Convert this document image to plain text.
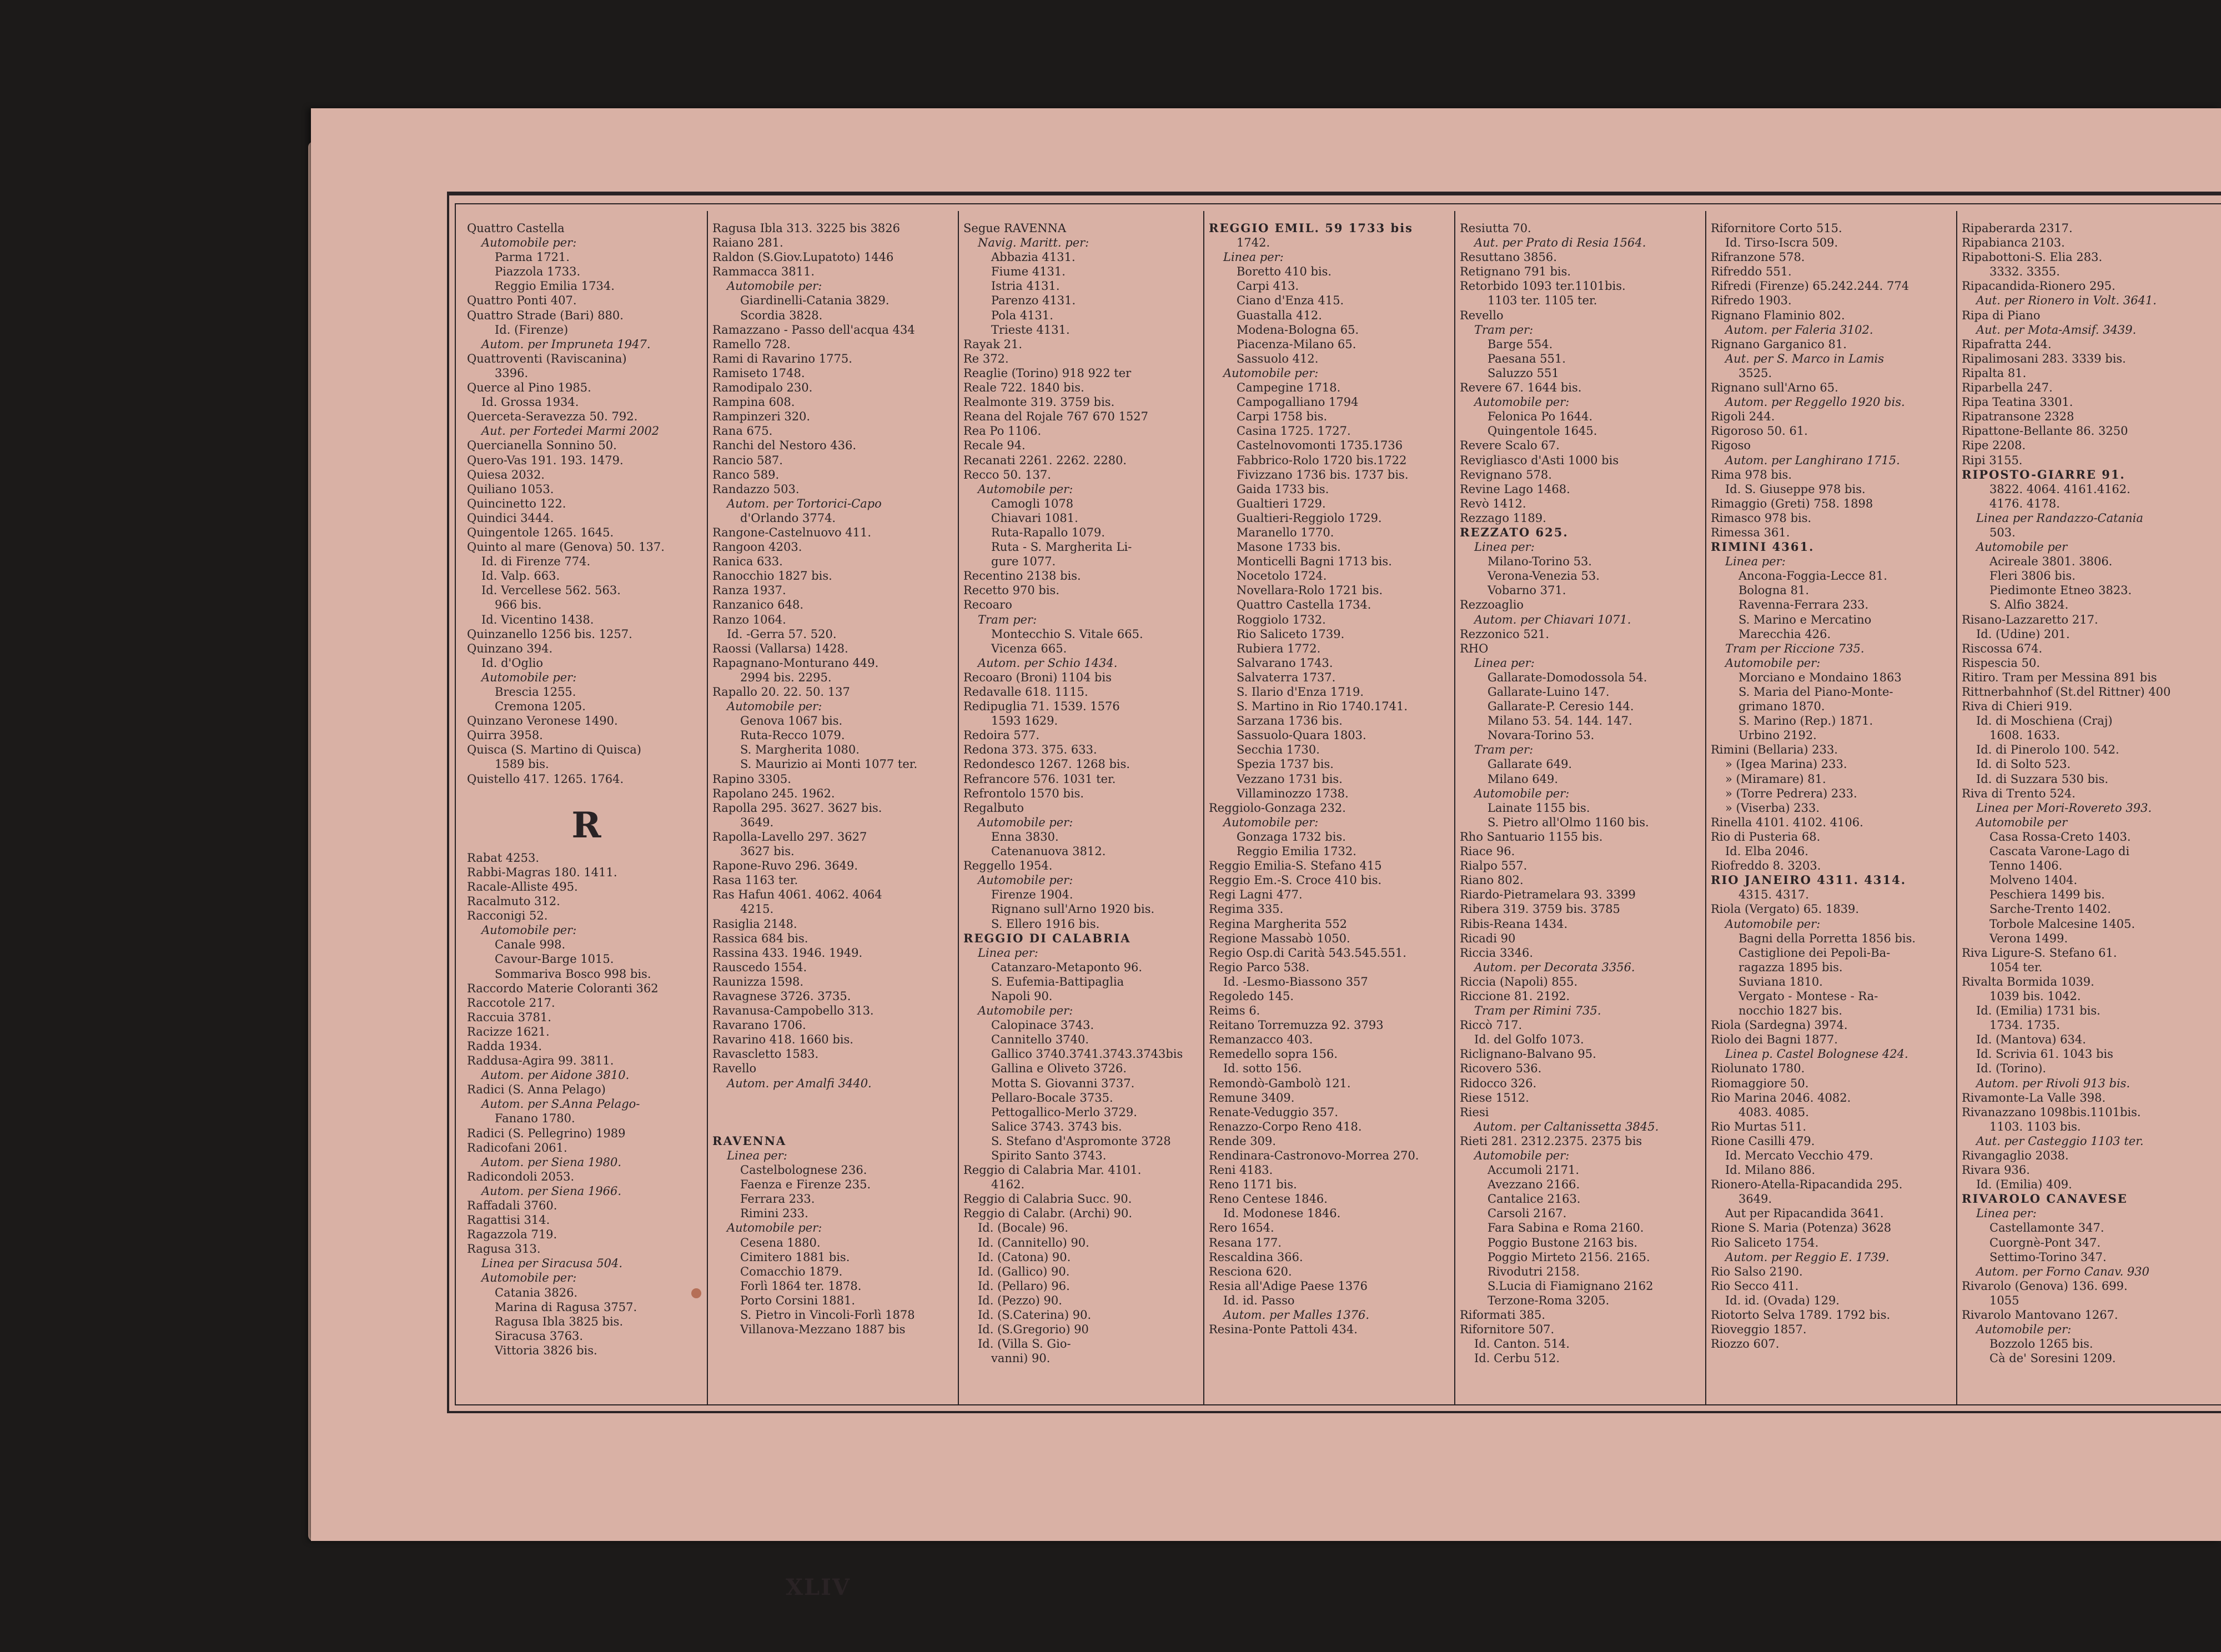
Quattro Castella
Automobile per:
Parma 1721.
Piazzola 1733.
Reggio Emilia 1734.
Quattro Ponti 407.
Quattro Strade (Bari) 880.
Id. (Firenze)
Autom. per Impruneta 1947.
Quattroventi (Raviscanina)
3396.
Querce al Pino 1985.
Id. Grossa 1934.
Querceta-Seravezza 50. 792.
Aut. per Fortedei Marmi 2002
Quercianella Sonnino 50.
Quero-Vas 191. 193. 1479.
Quiesa 2032.
Quiliano 1053.
Quincinetto 122.
Quindici 3444.
Quingentole 1265. 1645.
Quinto al mare (Genova) 50. 137.
Id. di Firenze 774.
Id. Valp. 663.
Id. Vercellese 562. 563.
966 bis.
Id. Vicentino 1438.
Quinzanello 1256 bis. 1257.
Quinzano 394.
Id. d'Oglio
Automobile per:
Brescia 1255.
Cremona 1205.
Quinzano Veronese 1490.
Quirra 3958.
Quisca (S. Martino di Quisca)
1589 bis.
Quistello 417. 1265. 1764.

R
Rabat 4253.
Rabbi-Magras 180. 1411.
Racale-Alliste 495.
Racalmuto 312.
Racconigi 52.
Automobile per:
Canale 998.
Cavour-Barge 1015.
Sommariva Bosco 998 bis.
Raccordo Materie Coloranti 362
Raccotole 217.
Raccuia 3781.
Racizze 1621.
Radda 1934.
Raddusa-Agira 99. 3811.
Autom. per Aidone 3810.
Radici (S. Anna Pelago)
Autom. per S.Anna Pelago-
Fanano 1780.
Radici (S. Pellegrino) 1989
Radicofani 2061.
Autom. per Siena 1980.
Radicondoli 2053.
Autom. per Siena 1966.
Raffadali 3760.
Ragattisi 314.
Ragazzola 719.
Ragusa 313.
Linea per Siracusa 504.
Automobile per:
Catania 3826.
Marina di Ragusa 3757.
Ragusa Ibla 3825 bis.
Siracusa 3763.
Vittoria 3826 bis.
Ragusa Ibla 313. 3225 bis 3826
Raiano 281.
Raldon (S.Giov.Lupatoto) 1446
Rammacca 3811.
Automobile per:
Giardinelli-Catania 3829.
Scordia 3828.
Ramazzano - Passo dell'acqua 434
Ramello 728.
Rami di Ravarino 1775.
Ramiseto 1748.
Ramodipalo 230.
Rampina 608.
Rampinzeri 320.
Rana 675.
Ranchi del Nestoro 436.
Rancio 587.
Ranco 589.
Randazzo 503.
Autom. per Tortorici-Capo
d'Orlando 3774.
Rangone-Castelnuovo 411.
Rangoon 4203.
Ranica 633.
Ranocchio 1827 bis.
Ranza 1937.
Ranzanico 648.
Ranzo 1064.
Id. -Gerra 57. 520.
Raossi (Vallarsa) 1428.
Rapagnano-Monturano 449.
2994 bis. 2295.
Rapallo 20. 22. 50. 137
Automobile per:
Genova 1067 bis.
Ruta-Recco 1079.
S. Margherita 1080.
S. Maurizio ai Monti 1077 ter.
Rapino 3305.
Rapolano 245. 1962.
Rapolla 295. 3627. 3627 bis.
3649.
Rapolla-Lavello 297. 3627
3627 bis.
Rapone-Ruvo 296. 3649.
Rasa 1163 ter.
Ras Hafun 4061. 4062. 4064
4215.
Rasiglia 2148.
Rassica 684 bis.
Rassina 433. 1946. 1949.
Rauscedo 1554.
Raunizza 1598.
Ravagnese 3726. 3735.
Ravanusa-Campobello 313.
Ravarano 1706.
Ravarino 418. 1660 bis.
Ravascletto 1583.
Ravello
Autom. per Amalfi 3440.

RAVENNA
Linea per:
Castelbolognese 236.
Faenza e Firenze 235.
Ferrara 233.
Rimini 233.
Automobile per:
Cesena 1880.
Cimitero 1881 bis.
Comacchio 1879.
Forlì 1864 ter. 1878.
Porto Corsini 1881.
S. Pietro in Vincoli-Forlì 1878
Villanova-Mezzano 1887 bis
Segue RAVENNA
Navig. Maritt. per:
Abbazia 4131.
Fiume 4131.
Istria 4131.
Parenzo 4131.
Pola 4131.
Trieste 4131.
Rayak 21.
Re 372.
Reaglie (Torino) 918 922 ter
Reale 722. 1840 bis.
Realmonte 319. 3759 bis.
Reana del Rojale 767 670 1527
Rea Po 1106.
Recale 94.
Recanati 2261. 2262. 2280.
Recco 50. 137.
Automobile per:
Camogli 1078
Chiavari 1081.
Ruta-Rapallo 1079.
Ruta - S. Margherita Li-
gure 1077.
Recentino 2138 bis.
Recetto 970 bis.
Recoaro
Tram per:
Montecchio S. Vitale 665.
Vicenza 665.
Autom. per Schio 1434.
Recoaro (Broni) 1104 bis
Redavalle 618. 1115.
Redipuglia 71. 1539. 1576
1593 1629.
Redoira 577.
Redona 373. 375. 633.
Redondesco 1267. 1268 bis.
Refrancore 576. 1031 ter.
Refrontolo 1570 bis.
Regalbuto
Automobile per:
Enna 3830.
Catenanuova 3812.
Reggello 1954.
Automobile per:
Firenze 1904.
Rignano sull'Arno 1920 bis.
S. Ellero 1916 bis.
REGGIO DI CALABRIA
Linea per:
Catanzaro-Metaponto 96.
S. Eufemia-Battipaglia
Napoli 90.
Automobile per:
Calopinace 3743.
Cannitello 3740.
Gallico 3740.3741.3743.3743bis
Gallina e Oliveto 3726.
Motta S. Giovanni 3737.
Pellaro-Bocale 3735.
Pettogallico-Merlo 3729.
Salice 3743. 3743 bis.
S. Stefano d'Aspromonte 3728
Spirito Santo 3743.
Reggio di Calabria Mar. 4101.
4162.
Reggio di Calabria Succ. 90.
Reggio di Calabr. (Archi) 90.
Id. (Bocale) 96.
Id. (Cannitello) 90.
Id. (Catona) 90.
Id. (Gallico) 90.
Id. (Pellaro) 96.
Id. (Pezzo) 90.
Id. (S.Caterina) 90.
Id. (S.Gregorio) 90
Id. (Villa S. Gio-
vanni) 90.
REGGIO EMIL. 59 1733 bis
1742.
Linea per:
Boretto 410 bis.
Carpi 413.
Ciano d'Enza 415.
Guastalla 412.
Modena-Bologna 65.
Piacenza-Milano 65.
Sassuolo 412.
Automobile per:
Campegine 1718.
Campogalliano 1794
Carpi 1758 bis.
Casina 1725. 1727.
Castelnovomonti 1735.1736
Fabbrico-Rolo 1720 bis.1722
Fivizzano 1736 bis. 1737 bis.
Gaida 1733 bis.
Gualtieri 1729.
Gualtieri-Reggiolo 1729.
Maranello 1770.
Masone 1733 bis.
Monticelli Bagni 1713 bis.
Nocetolo 1724.
Novellara-Rolo 1721 bis.
Quattro Castella 1734.
Roggiolo 1732.
Rio Saliceto 1739.
Rubiera 1772.
Salvarano 1743.
Salvaterra 1737.
S. Ilario d'Enza 1719.
S. Martino in Rio 1740.1741.
Sarzana 1736 bis.
Sassuolo-Quara 1803.
Secchia 1730.
Spezia 1737 bis.
Vezzano 1731 bis.
Villaminozzo 1738.
Reggiolo-Gonzaga 232.
Automobile per:
Gonzaga 1732 bis.
Reggio Emilia 1732.
Reggio Emilia-S. Stefano 415
Reggio Em.-S. Croce 410 bis.
Regi Lagni 477.
Regima 335.
Regina Margherita 552
Regione Massabò 1050.
Regio Osp.di Carità 543.545.551.
Regio Parco 538.
Id. -Lesmo-Biassono 357
Regoledo 145.
Reims 6.
Reitano Torremuzza 92. 3793
Remanzacco 403.
Remedello sopra 156.
Id. sotto 156.
Remondò-Gambolò 121.
Remune 3409.
Renate-Veduggio 357.
Renazzo-Corpo Reno 418.
Rende 309.
Rendinara-Castronovo-Morrea 270.
Reni 4183.
Reno 1171 bis.
Reno Centese 1846.
Id. Modonese 1846.
Rero 1654.
Resana 177.
Rescaldina 366.
Resciona 620.
Resia all'Adige Paese 1376
Id. id. Passo
Autom. per Malles 1376.
Resina-Ponte Pattoli 434.
Resiutta 70.
Aut. per Prato di Resia 1564.
Resuttano 3856.
Retignano 791 bis.
Retorbido 1093 ter.1101bis.
1103 ter. 1105 ter.
Revello
Tram per:
Barge 554.
Paesana 551.
Saluzzo 551
Revere 67. 1644 bis.
Automobile per:
Felonica Po 1644.
Quingentole 1645.
Revere Scalo 67.
Revigliasco d'Asti 1000 bis
Revignano 578.
Revine Lago 1468.
Revò 1412.
Rezzago 1189.
REZZATO 625.
Linea per:
Milano-Torino 53.
Verona-Venezia 53.
Vobarno 371.
Rezzoaglio
Autom. per Chiavari 1071.
Rezzonico 521.
RHO
Linea per:
Gallarate-Domodossola 54.
Gallarate-Luino 147.
Gallarate-P. Ceresio 144.
Milano 53. 54. 144. 147.
Novara-Torino 53.
Tram per:
Gallarate 649.
Milano 649.
Automobile per:
Lainate 1155 bis.
S. Pietro all'Olmo 1160 bis.
Rho Santuario 1155 bis.
Riace 96.
Rialpo 557.
Riano 802.
Riardo-Pietramelara 93. 3399
Ribera 319. 3759 bis. 3785
Ribis-Reana 1434.
Ricadi 90
Riccia 3346.
Autom. per Decorata 3356.
Riccia (Napoli) 855.
Riccione 81. 2192.
Tram per Rimini 735.
Riccò 717.
Id. del Golfo 1073.
Riclignano-Balvano 95.
Ricovero 536.
Ridocco 326.
Riese 1512.
Riesi
Autom. per Caltanissetta 3845.
Rieti 281. 2312.2375. 2375 bis
Automobile per:
Accumoli 2171.
Avezzano 2166.
Cantalice 2163.
Carsoli 2167.
Fara Sabina e Roma 2160.
Poggio Bustone 2163 bis.
Poggio Mirteto 2156. 2165.
Rivodutri 2158.
S.Lucia di Fiamignano 2162
Terzone-Roma 3205.
Riformati 385.
Rifornitore 507.
Id. Canton. 514.
Id. Cerbu 512.
Rifornitore Corto 515.
Id. Tirso-Iscra 509.
Rifranzone 578.
Rifreddo 551.
Rifredi (Firenze) 65.242.244. 774
Rifredo 1903.
Rignano Flaminio 802.
Autom. per Faleria 3102.
Rignano Garganico 81.
Aut. per S. Marco in Lamis
3525.
Rignano sull'Arno 65.
Autom. per Reggello 1920 bis.
Rigoli 244.
Rigoroso 50. 61.
Rigoso
Autom. per Langhirano 1715.
Rima 978 bis.
Id. S. Giuseppe 978 bis.
Rimaggio (Greti) 758. 1898
Rimasco 978 bis.
Rimessa 361.
RIMINI 4361.
Linea per:
Ancona-Foggia-Lecce 81.
Bologna 81.
Ravenna-Ferrara 233.
S. Marino e Mercatino
Marecchia 426.
Tram per Riccione 735.
Automobile per:
Morciano e Mondaino 1863
S. Maria del Piano-Monte-
grimano 1870.
S. Marino (Rep.) 1871.
Urbino 2192.
Rimini (Bellaria) 233.
» (Igea Marina) 233.
» (Miramare) 81.
» (Torre Pedrera) 233.
» (Viserba) 233.
Rinella 4101. 4102. 4106.
Rio di Pusteria 68.
Id. Elba 2046.
Riofreddo 8. 3203.
RIO JANEIRO 4311. 4314.
4315. 4317.
Riola (Vergato) 65. 1839.
Automobile per:
Bagni della Porretta 1856 bis.
Castiglione dei Pepoli-Ba-
ragazza 1895 bis.
Suviana 1810.
Vergato - Montese - Ra-
nocchio 1827 bis.
Riola (Sardegna) 3974.
Riolo dei Bagni 1877.
Linea p. Castel Bolognese 424.
Riolunato 1780.
Riomaggiore 50.
Rio Marina 2046. 4082.
4083. 4085.
Rio Murtas 511.
Rione Casilli 479.
Id. Mercato Vecchio 479.
Id. Milano 886.
Rionero-Atella-Ripacandida 295.
3649.
Aut per Ripacandida 3641.
Rione S. Maria (Potenza) 3628
Rio Saliceto 1754.
Autom. per Reggio E. 1739.
Rio Salso 2190.
Rio Secco 411.
Id. id. (Ovada) 129.
Riotorto Selva 1789. 1792 bis.
Rioveggio 1857.
Riozzo 607.
Ripaberarda 2317.
Ripabianca 2103.
Ripabottoni-S. Elia 283.
3332. 3355.
Ripacandida-Rionero 295.
Aut. per Rionero in Volt. 3641.
Ripa di Piano
Aut. per Mota-Amsif. 3439.
Ripafratta 244.
Ripalimosani 283. 3339 bis.
Ripalta 81.
Riparbella 247.
Ripa Teatina 3301.
Ripatransone 2328
Ripattone-Bellante 86. 3250
Ripe 2208.
Ripi 3155.
RIPOSTO-GIARRE 91.
3822. 4064. 4161.4162.
4176. 4178.
Linea per Randazzo-Catania
503.
Automobile per
Acireale 3801. 3806.
Fleri 3806 bis.
Piedimonte Etneo 3823.
S. Alfio 3824.
Risano-Lazzaretto 217.
Id. (Udine) 201.
Riscossa 674.
Rispescia 50.
Ritiro. Tram per Messina 891 bis
Rittnerbahnhof (St.del Rittner) 400
Riva di Chieri 919.
Id. di Moschiena (Craj)
1608. 1633.
Id. di Pinerolo 100. 542.
Id. di Solto 523.
Id. di Suzzara 530 bis.
Riva di Trento 524.
Linea per Mori-Rovereto 393.
Automobile per
Casa Rossa-Creto 1403.
Cascata Varone-Lago di
Tenno 1406.
Molveno 1404.
Peschiera 1499 bis.
Sarche-Trento 1402.
Torbole Malcesine 1405.
Verona 1499.
Riva Ligure-S. Stefano 61.
1054 ter.
Rivalta Bormida 1039.
1039 bis. 1042.
Id. (Emilia) 1731 bis.
1734. 1735.
Id. (Mantova) 634.
Id. Scrivia 61. 1043 bis
Id. (Torino).
Autom. per Rivoli 913 bis.
Rivamonte-La Valle 398.
Rivanazzano 1098bis.1101bis.
1103. 1103 bis.
Aut. per Casteggio 1103 ter.
Rivangaglio 2038.
Rivara 936.
Id. (Emilia) 409.
RIVAROLO CANAVESE
Linea per:
Castellamonte 347.
Cuorgnè-Pont 347.
Settimo-Torino 347.
Autom. per Forno Canav. 930
Rivarolo (Genova) 136. 699.
1055
Rivarolo Mantovano 1267.
Automobile per:
Bozzolo 1265 bis.
Cà de' Soresini 1209.
XLIV
